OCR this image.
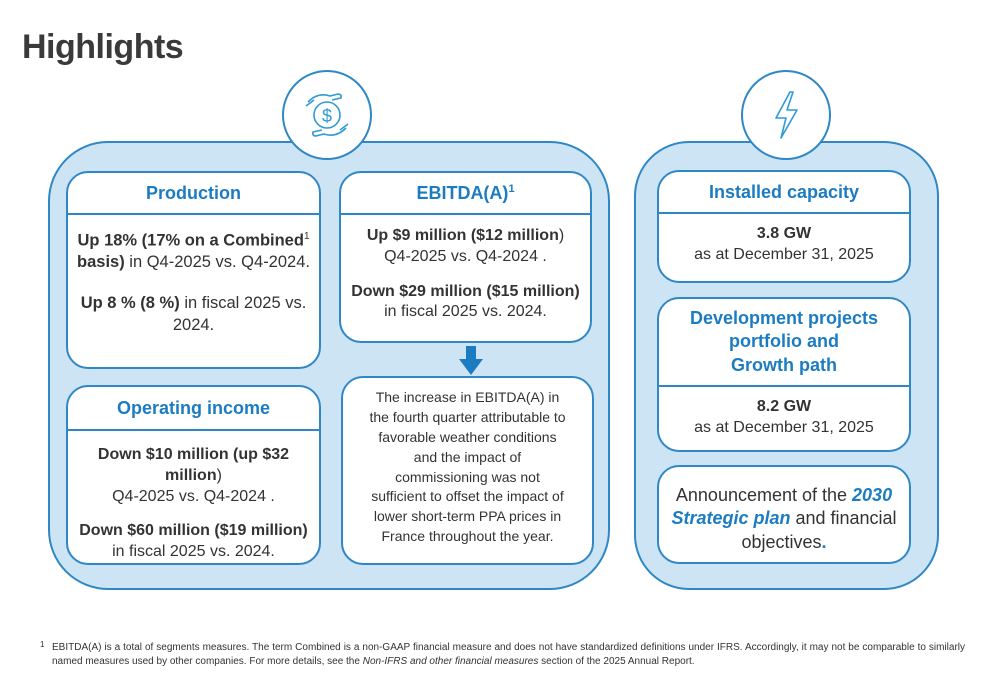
Highlights
$
Production
Up 18% (17% on a Combined$^1$
basis) in Q4-2025 vs. Q4-2024.
Up 8 % (8 %) in fiscal 2025 vs.
2024.
EBITDA(A) $^1$
Up $9 million ($12 million)
Q4-2025 vs. Q4-2024 .
Down $29 million ($15 million)
in fiscal 2025 vs. 2024.
Operating income
Down $10 million (up $32 million)
Q4-2025 vs. Q4-2024 .
Down $60 million ($19 million)
in fiscal 2025 vs. 2024.
The increase in EBITDA(A) in
the fourth quarter attributable to
favorable weather conditions
and the impact of
commissioning was not
sufficient to offset the impact of
lower short-term PPA prices in
France throughout the year.
Installed capacity
3.8 GW
as at December 31, 2025
Development projects
portfolio and
Growth path
8.2 GW
as at December 31, 2025
Announcement of the 2030
Strategic plan and financial
objectives.
1 EBITDA(A) is a total of segments measures. The term Combined is a non-GAAP financial measure and does not have standardized definitions under IFRS. Accordingly, it may not be comparable to similarly named measures used by other companies. For more details, see the Non-IFRS and other financial measures section of the 2025 Annual Report.
